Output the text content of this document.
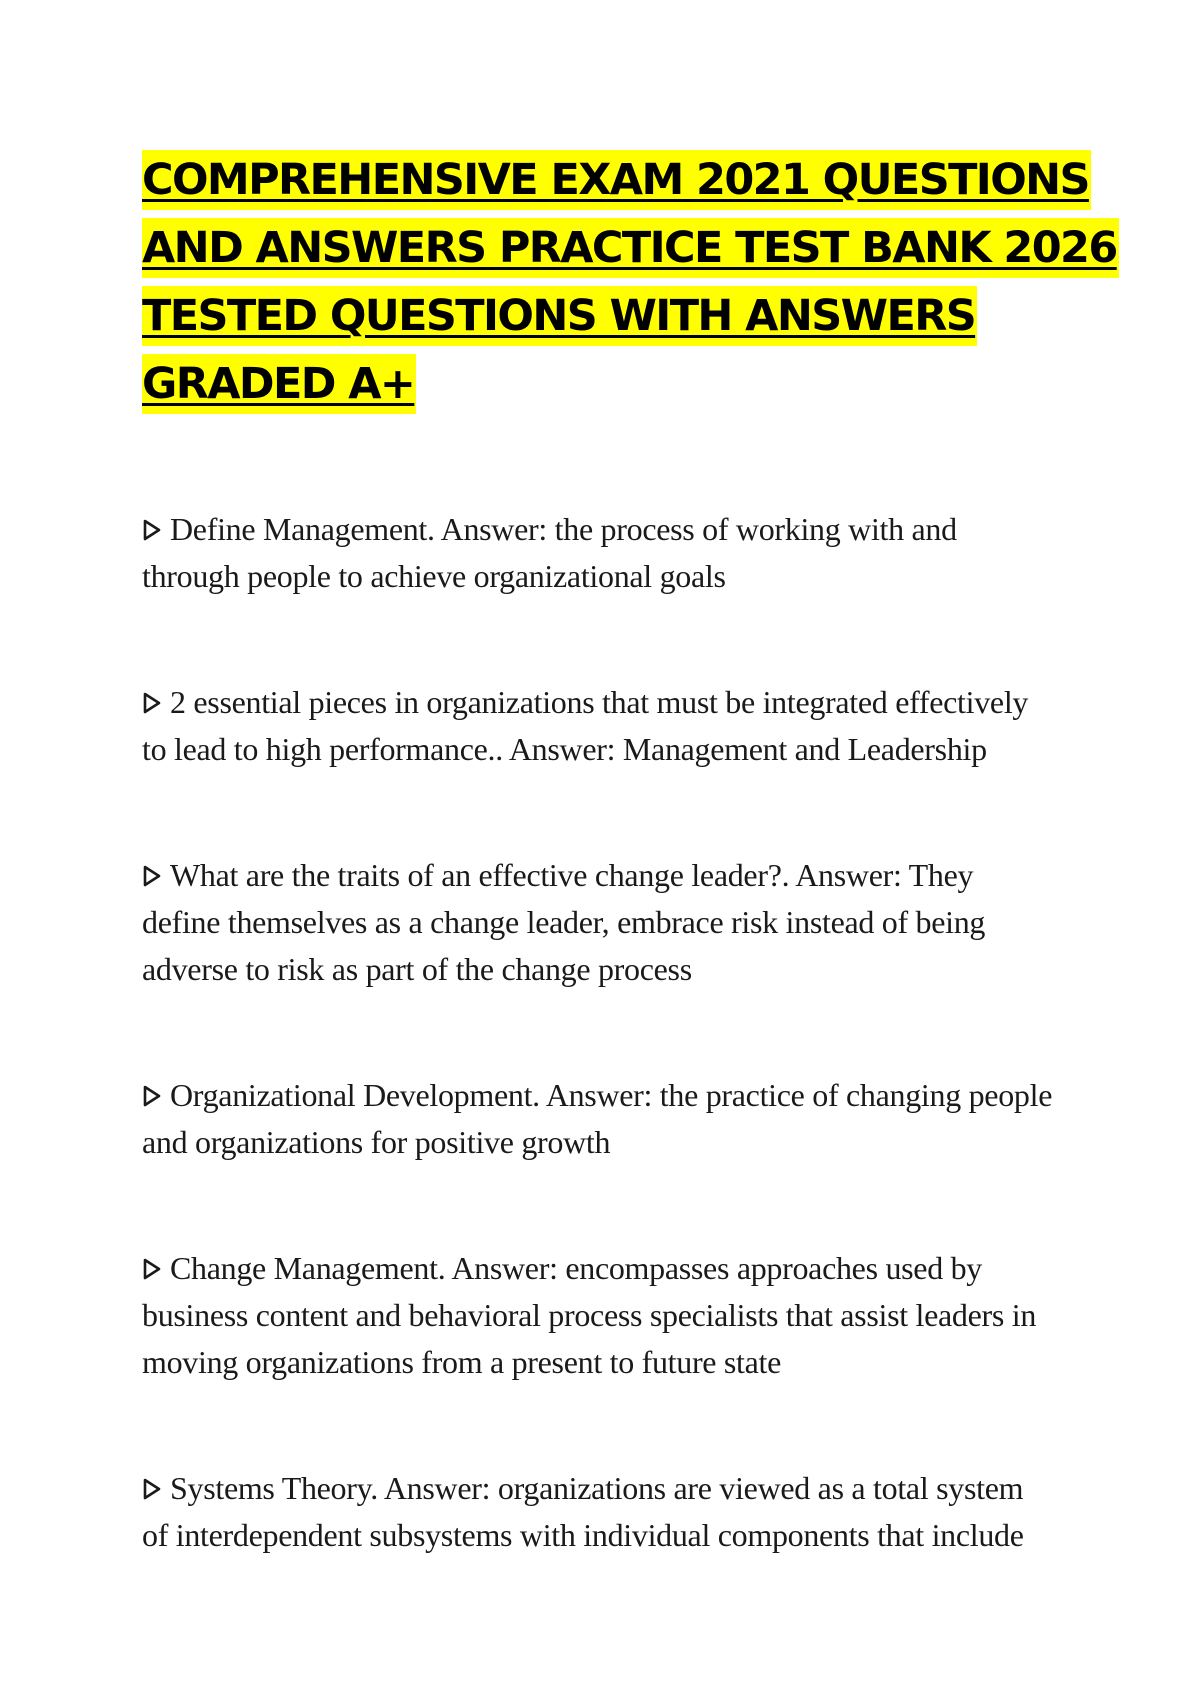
COMPREHENSIVE EXAM 2021 QUESTIONS
AND ANSWERS PRACTICE TEST BANK 2026
TESTED QUESTIONS WITH ANSWERS
GRADED A+
Define Management. Answer: the process of working with and
through people to achieve organizational goals
2 essential pieces in organizations that must be integrated effectively
to lead to high performance.. Answer: Management and Leadership
What are the traits of an effective change leader?. Answer: They
define themselves as a change leader, embrace risk instead of being
adverse to risk as part of the change process
Organizational Development. Answer: the practice of changing people
and organizations for positive growth
Change Management. Answer: encompasses approaches used by
business content and behavioral process specialists that assist leaders in
moving organizations from a present to future state
Systems Theory. Answer: organizations are viewed as a total system
of interdependent subsystems with individual components that include
